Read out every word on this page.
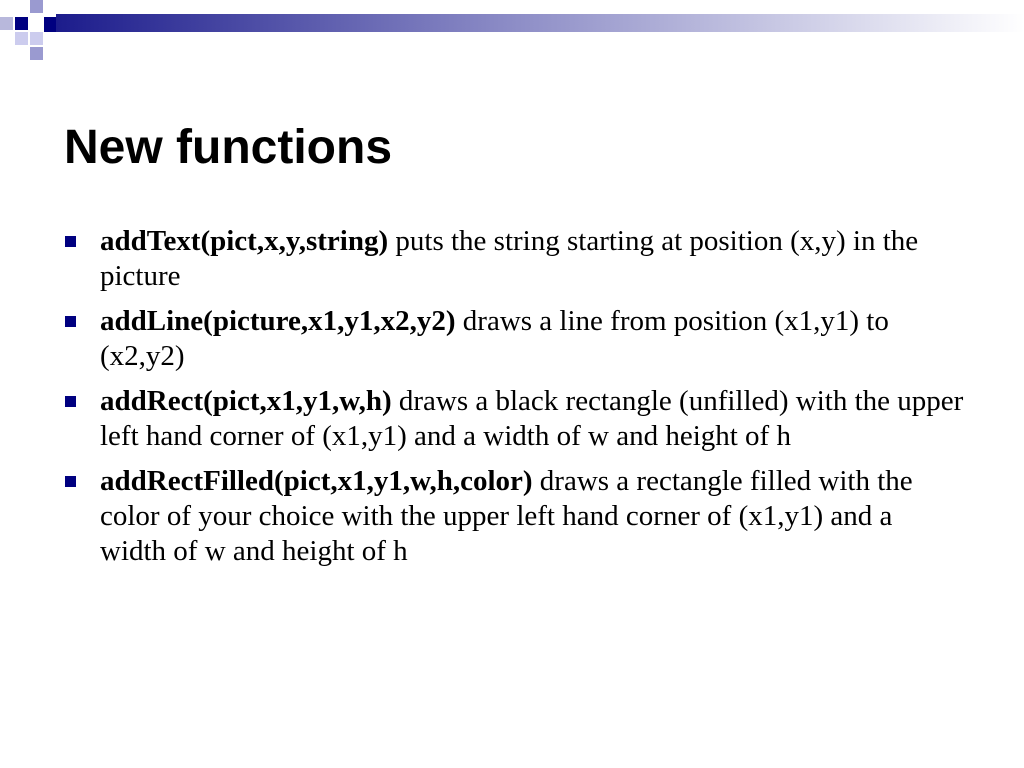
New functions
addText(pict,x,y,string) puts the string starting at position (x,y) in the picture
addLine(picture,x1,y1,x2,y2) draws a line from position (x1,y1) to (x2,y2)
addRect(pict,x1,y1,w,h) draws a black rectangle (unfilled) with the upper left hand corner of (x1,y1) and a width of w and height of h
addRectFilled(pict,x1,y1,w,h,color) draws a rectangle filled with the color of your choice with the upper left hand corner of (x1,y1) and a width of w and height of h
